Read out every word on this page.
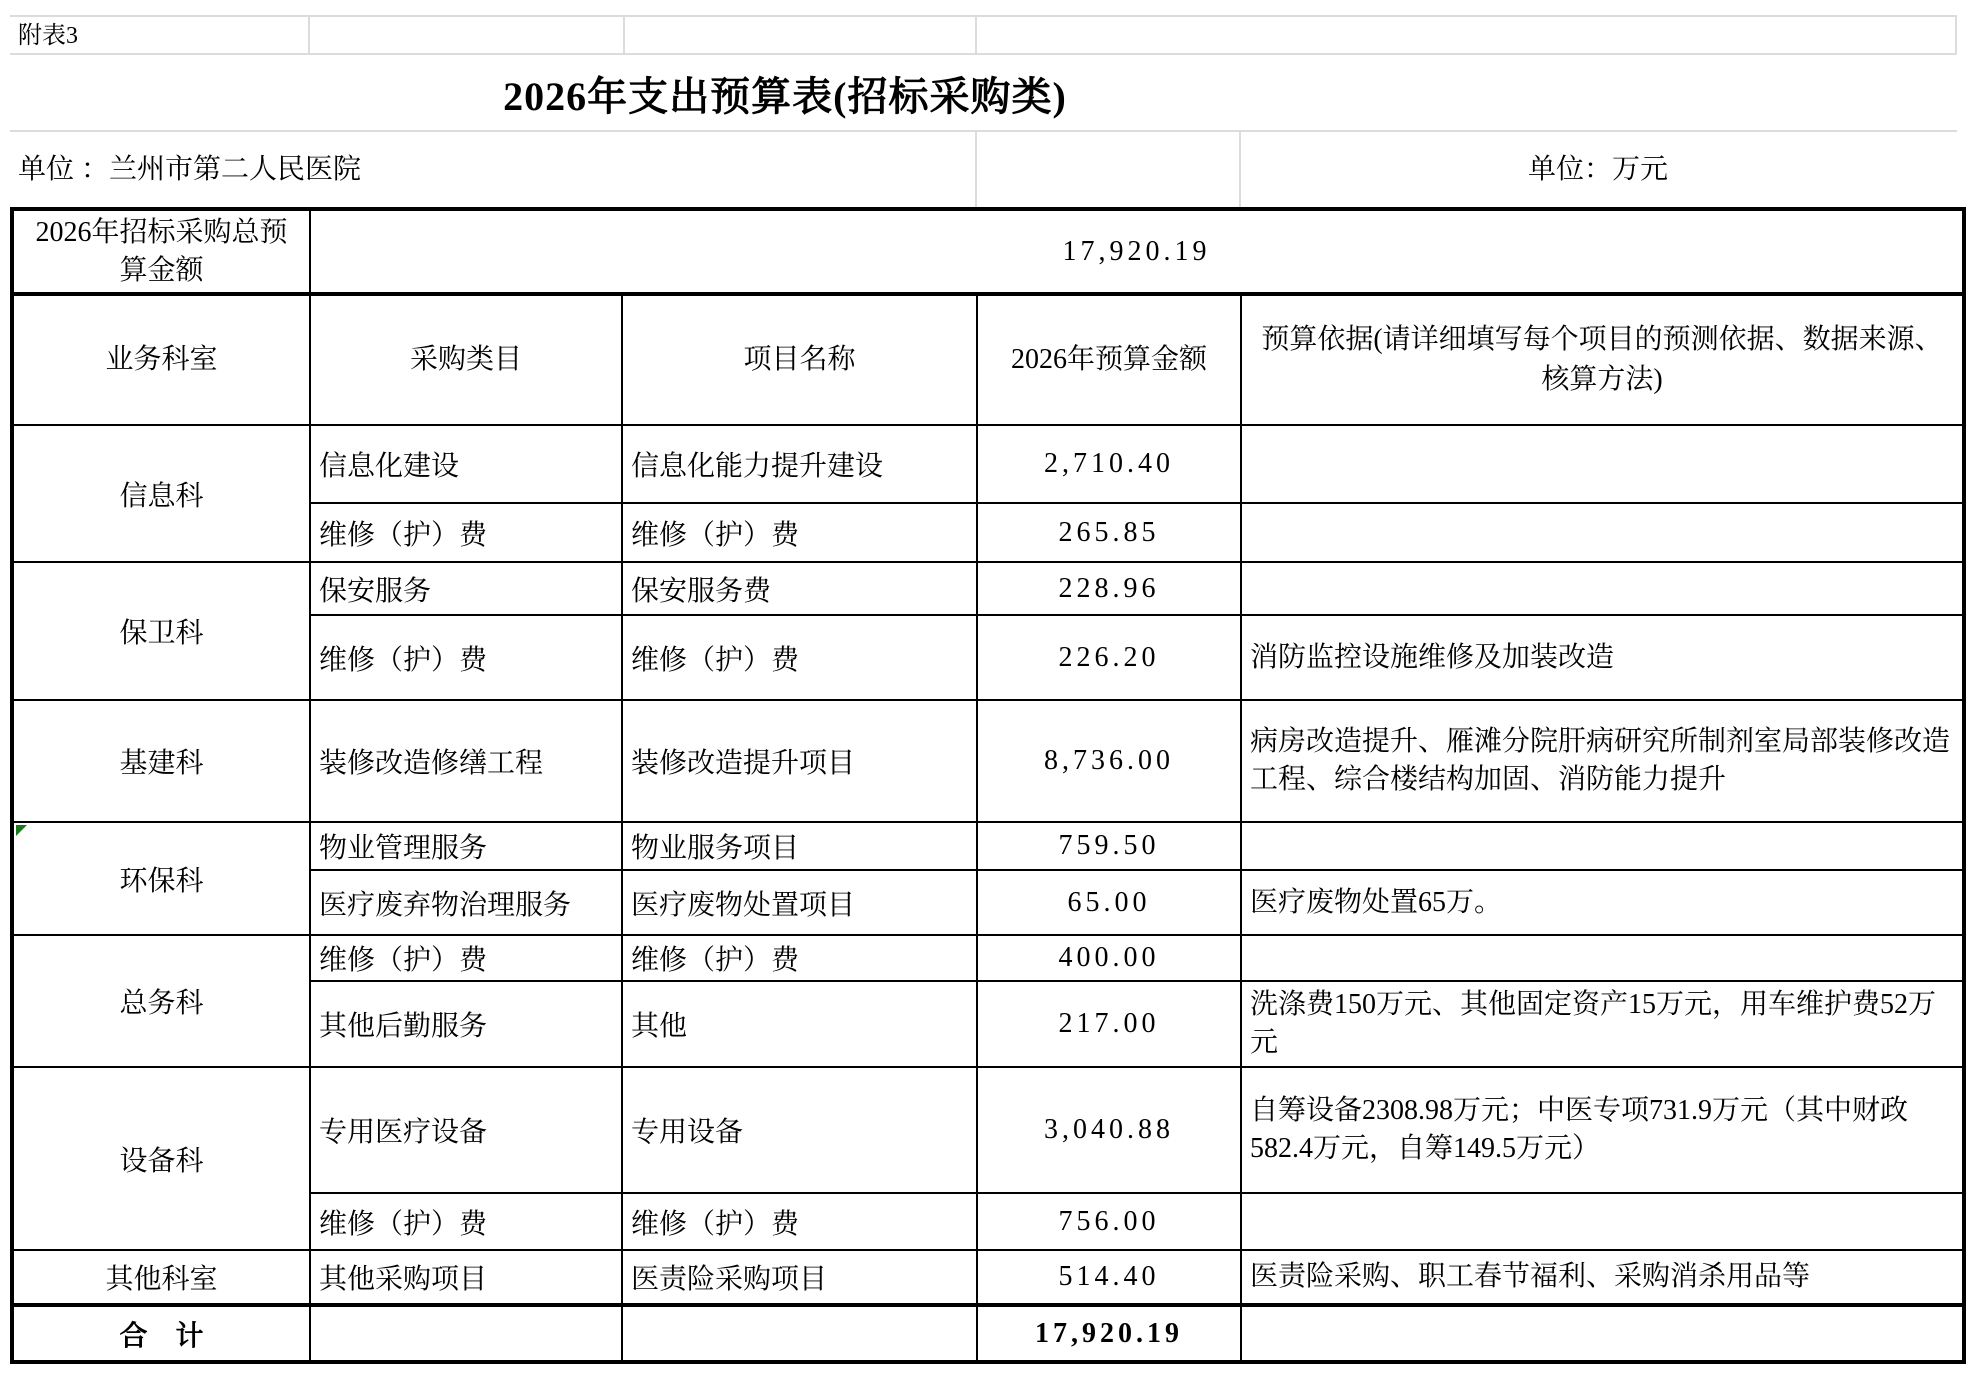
附表3
2026年支出预算表(招标采购类)
单位 ：兰州市第二人民医院	单位：万元
2026年招标采购总预算金额	17,920.19			
业务科室	采购类目	项目名称	2026年预算金额	预算依据(请详细填写每个项目的预测依据、数据来源、核算方法)
信息科	信息化建设	信息化能力提升建设	2,710.40	
	维修（护）费	维修（护）费	265.85	
保卫科	保安服务	保安服务费	228.96	
	维修（护）费	维修（护）费	226.20	消防监控设施维修及加装改造
基建科	装修改造修缮工程	装修改造提升项目	8,736.00	病房改造提升、雁滩分院肝病研究所制剂室局部装修改造工程、综合楼结构加固、消防能力提升

环保科	物业管理服务	物业服务项目	759.50	
	医疗废弃物治理服务	医疗废物处置项目	65.00	医疗废物处置65万。
总务科	维修（护）费	维修（护）费	400.00	
	其他后勤服务	其他	217.00	洗涤费150万元、其他固定资产15万元，用车维护费52万元
设备科	专用医疗设备	专用设备	3,040.88	自筹设备2308.98万元；中医专项731.9万元（其中财政582.4万元，自筹149.5万元）
	维修（护）费	维修（护）费	756.00	
其他科室	其他采购项目	医责险采购项目	514.40	医责险采购、职工春节福利、采购消杀用品等
合　计			17,920.19	
